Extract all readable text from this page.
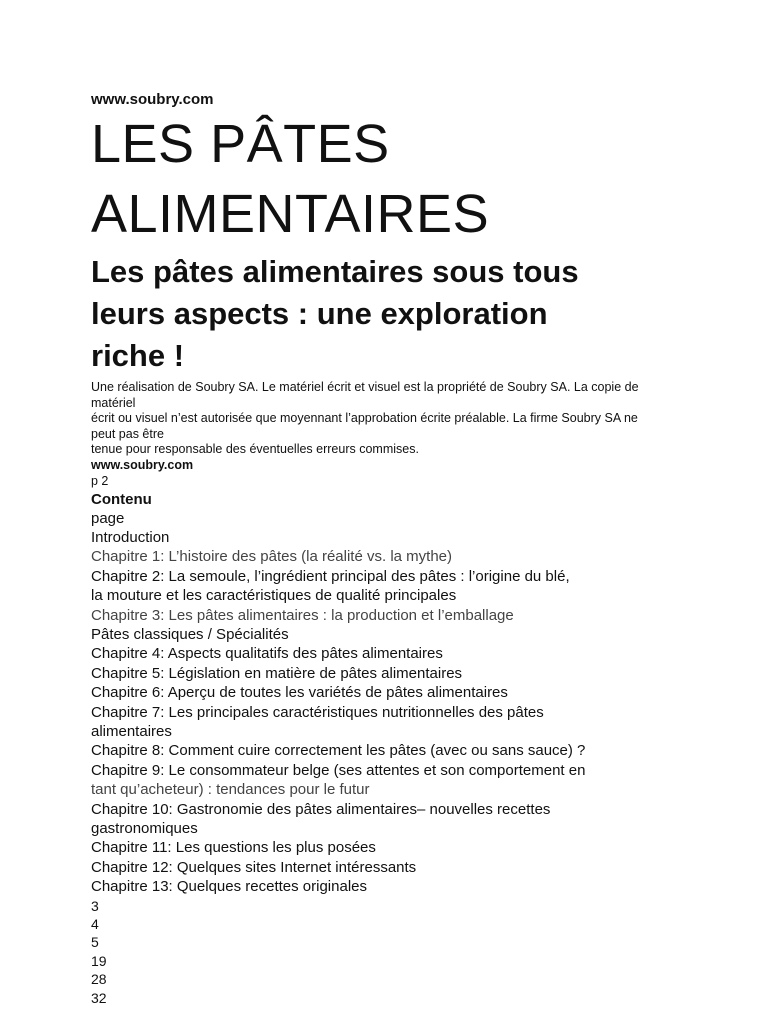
www.soubry.com

LES PÂTES
ALIMENTAIRES
Les pâtes alimentaires sous tous
leurs aspects : une exploration
riche !
Une réalisation de Soubry SA. Le matériel écrit et visuel est la propriété de Soubry SA. La copie de
matériel
écrit ou visuel n’est autorisée que moyennant l’approbation écrite préalable. La firme Soubry SA ne
peut pas être
tenue pour responsable des éventuelles erreurs commises.
www.soubry.com
p 2
Contenu
page
Introduction
Chapitre 1: L’histoire des pâtes (la réalité vs. la mythe)
Chapitre 2: La semoule, l’ingrédient principal des pâtes : l’origine du blé,
la mouture et les caractéristiques de qualité principales
Chapitre 3: Les pâtes alimentaires : la production et l’emballage
Pâtes classiques / Spécialités
Chapitre 4: Aspects qualitatifs des pâtes alimentaires
Chapitre 5: Législation en matière de pâtes alimentaires
Chapitre 6: Aperçu de toutes les variétés de pâtes alimentaires
Chapitre 7: Les principales caractéristiques nutritionnelles des pâtes
alimentaires
Chapitre 8: Comment cuire correctement les pâtes (avec ou sans sauce) ?
Chapitre 9: Le consommateur belge (ses attentes et son comportement en
tant qu’acheteur) : tendances pour le futur
Chapitre 10: Gastronomie des pâtes alimentaires– nouvelles recettes
gastronomiques
Chapitre 11: Les questions les plus posées
Chapitre 12: Quelques sites Internet intéressants
Chapitre 13: Quelques recettes originales
3
4
5
19
28
32
